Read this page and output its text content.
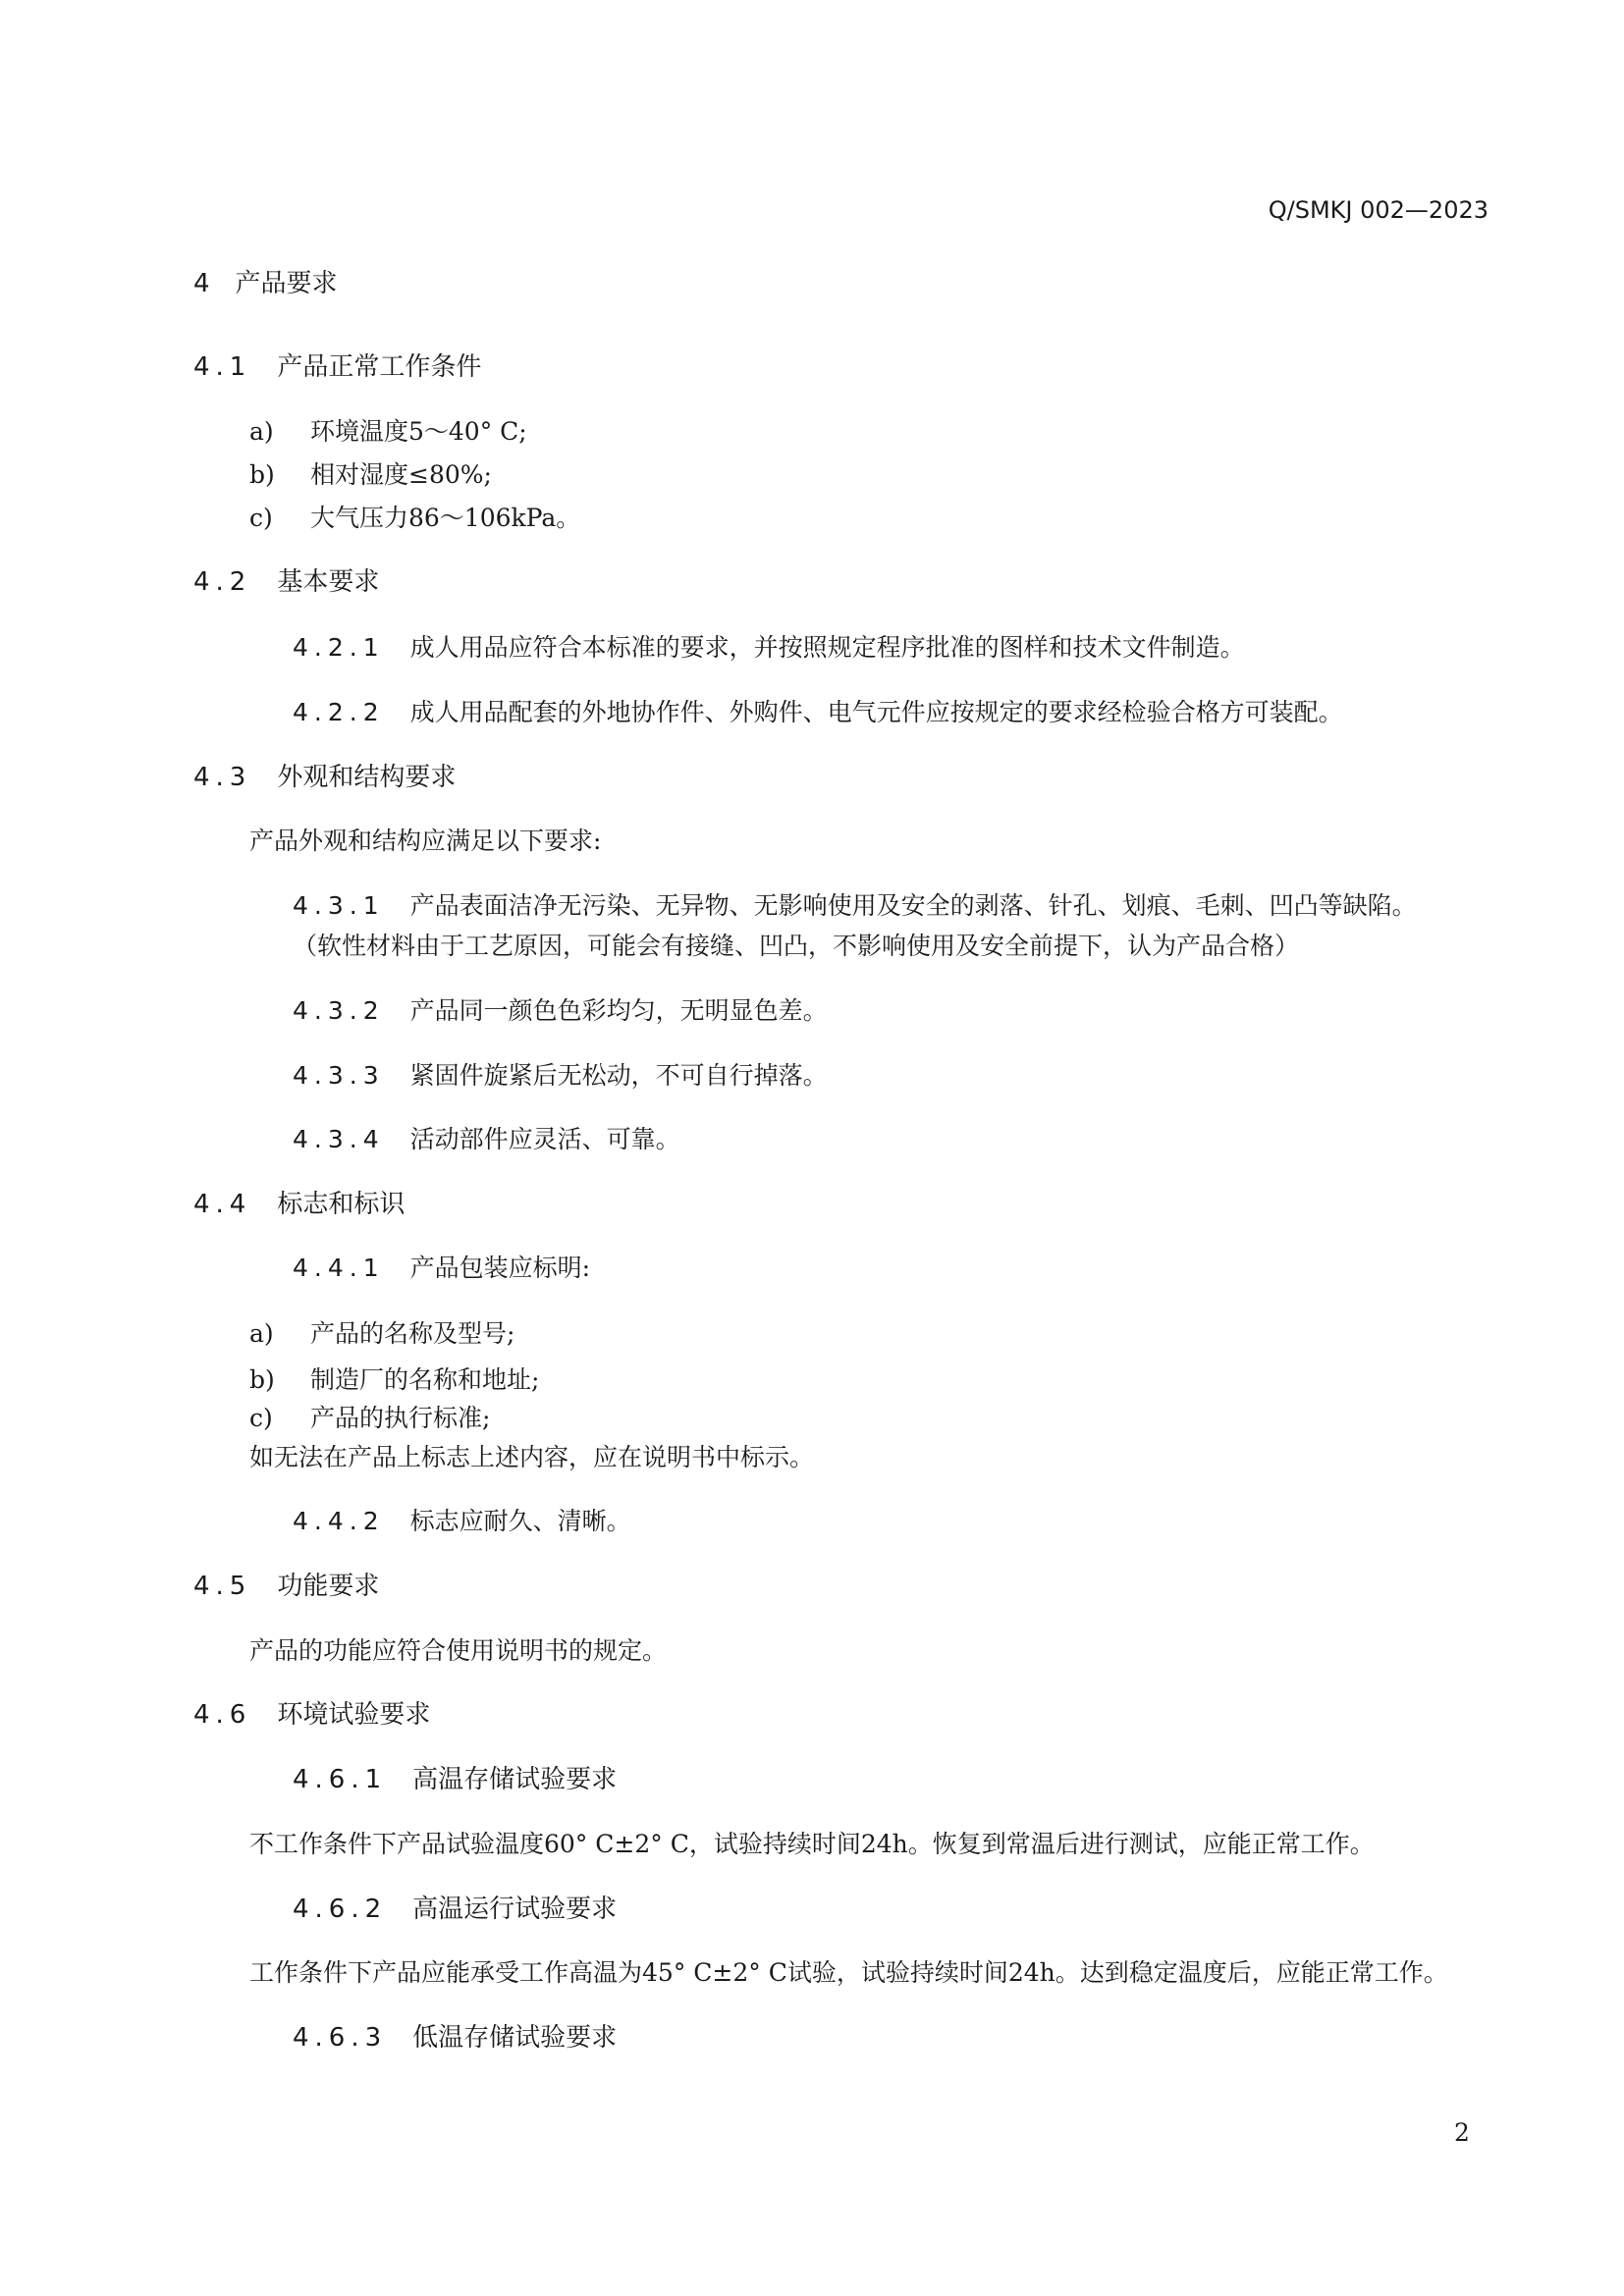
Q/SMKJ 002—2023
4 产品要求
4.1 产品正常工作条件
a) 环境温度5～40° C;
b) 相对湿度≤80%;
c) 大气压力86～106kPa。
4.2 基本要求
4.2.1 成人用品应符合本标准的要求，并按照规定程序批准的图样和技术文件制造。
4.2.2 成人用品配套的外地协作件、外购件、电气元件应按规定的要求经检验合格方可装配。
4.3 外观和结构要求
产品外观和结构应满足以下要求:
4.3.1 产品表面洁净无污染、无异物、无影响使用及安全的剥落、针孔、划痕、毛刺、凹凸等缺陷。
（软性材料由于工艺原因，可能会有接缝、凹凸，不影响使用及安全前提下，认为产品合格）
4.3.2 产品同一颜色色彩均匀，无明显色差。
4.3.3 紧固件旋紧后无松动，不可自行掉落。
4.3.4 活动部件应灵活、可靠。
4.4 标志和标识
4.4.1 产品包装应标明:
a) 产品的名称及型号;
b) 制造厂的名称和地址;
c) 产品的执行标准;
如无法在产品上标志上述内容，应在说明书中标示。
4.4.2 标志应耐久、清晰。
4.5 功能要求
产品的功能应符合使用说明书的规定。
4.6 环境试验要求
4.6.1 高温存储试验要求
不工作条件下产品试验温度60° C±2° C，试验持续时间24h。恢复到常温后进行测试，应能正常工作。
4.6.2 高温运行试验要求
工作条件下产品应能承受工作高温为45° C±2° C试验，试验持续时间24h。达到稳定温度后，应能正常工作。
4.6.3 低温存储试验要求
2
